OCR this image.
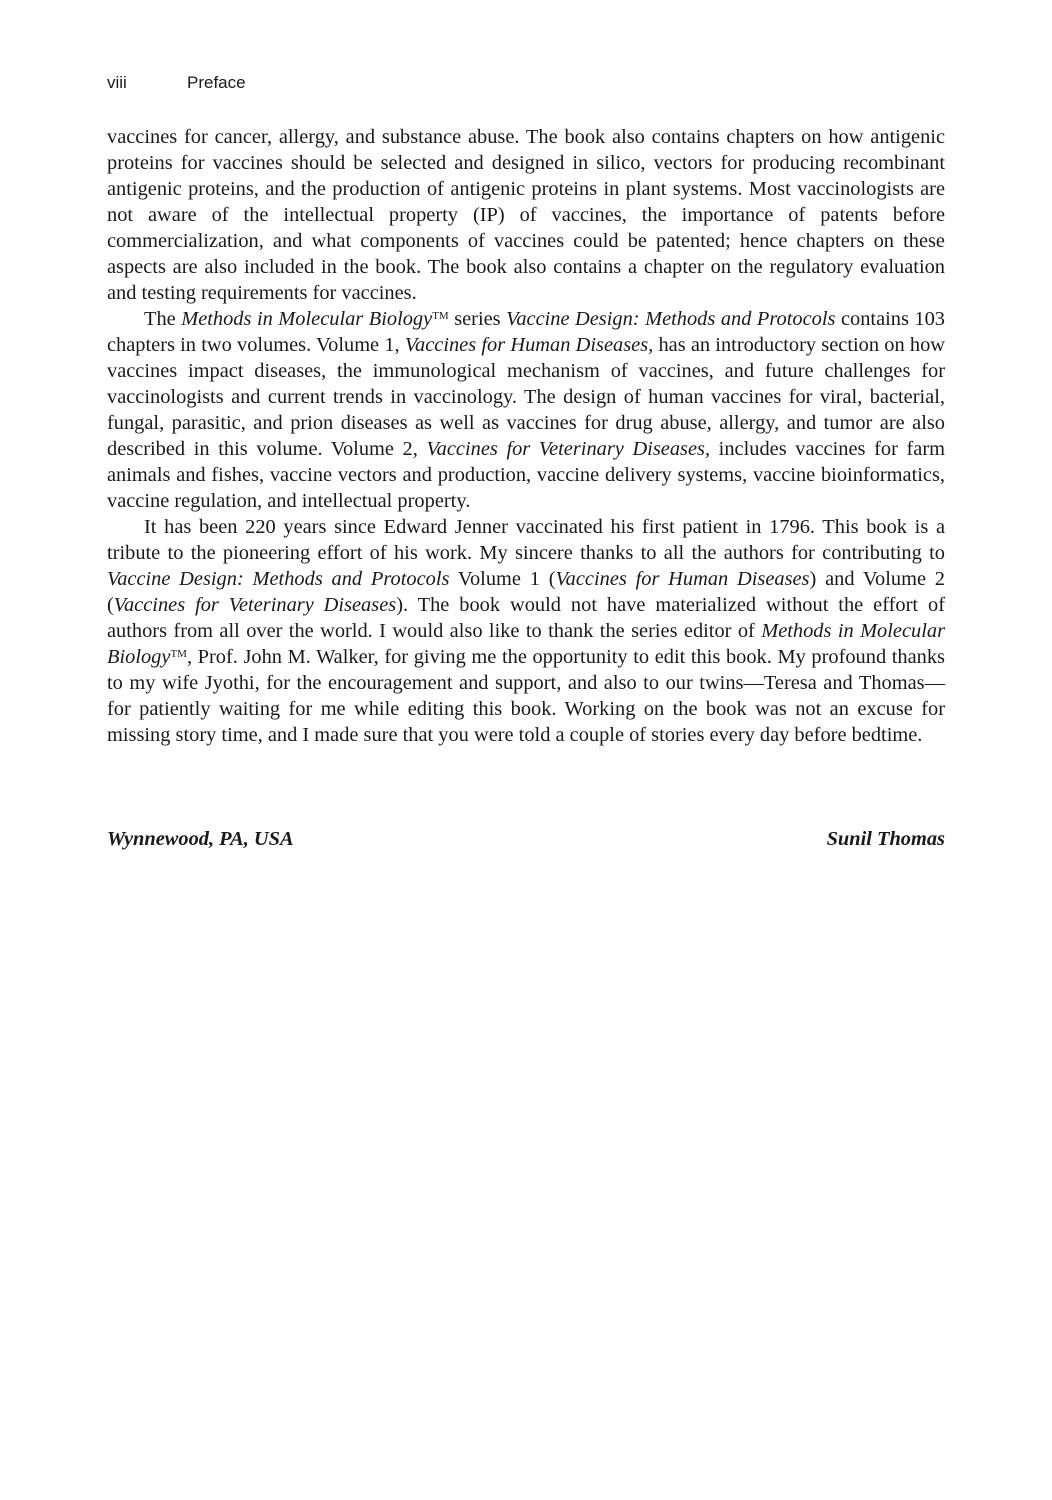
viii	Preface

vaccines for cancer, allergy, and substance abuse. The book also contains chapters on how antigenic proteins for vaccines should be selected and designed in silico, vectors for producing recombinant antigenic proteins, and the production of antigenic proteins in plant systems. Most vaccinologists are not aware of the intellectual property (IP) of vaccines, the importance of patents before commercialization, and what components of vaccines could be patented; hence chapters on these aspects are also included in the book. The book also contains a chapter on the regulatory evaluation and testing requirements for vaccines.

The Methods in Molecular Biology™ series Vaccine Design: Methods and Protocols contains 103 chapters in two volumes. Volume 1, Vaccines for Human Diseases, has an introductory section on how vaccines impact diseases, the immunological mechanism of vaccines, and future challenges for vaccinologists and current trends in vaccinology. The design of human vaccines for viral, bacterial, fungal, parasitic, and prion diseases as well as vaccines for drug abuse, allergy, and tumor are also described in this volume. Volume 2, Vaccines for Veterinary Diseases, includes vaccines for farm animals and fishes, vaccine vectors and production, vaccine delivery systems, vaccine bioinformatics, vaccine regulation, and intellectual property.

It has been 220 years since Edward Jenner vaccinated his first patient in 1796. This book is a tribute to the pioneering effort of his work. My sincere thanks to all the authors for contributing to Vaccine Design: Methods and Protocols Volume 1 (Vaccines for Human Diseases) and Volume 2 (Vaccines for Veterinary Diseases). The book would not have materialized without the effort of authors from all over the world. I would also like to thank the series editor of Methods in Molecular Biology™, Prof. John M. Walker, for giving me the opportunity to edit this book. My profound thanks to my wife Jyothi, for the encouragement and support, and also to our twins—Teresa and Thomas—for patiently waiting for me while editing this book. Working on the book was not an excuse for missing story time, and I made sure that you were told a couple of stories every day before bedtime.

Wynnewood, PA, USA	Sunil Thomas
